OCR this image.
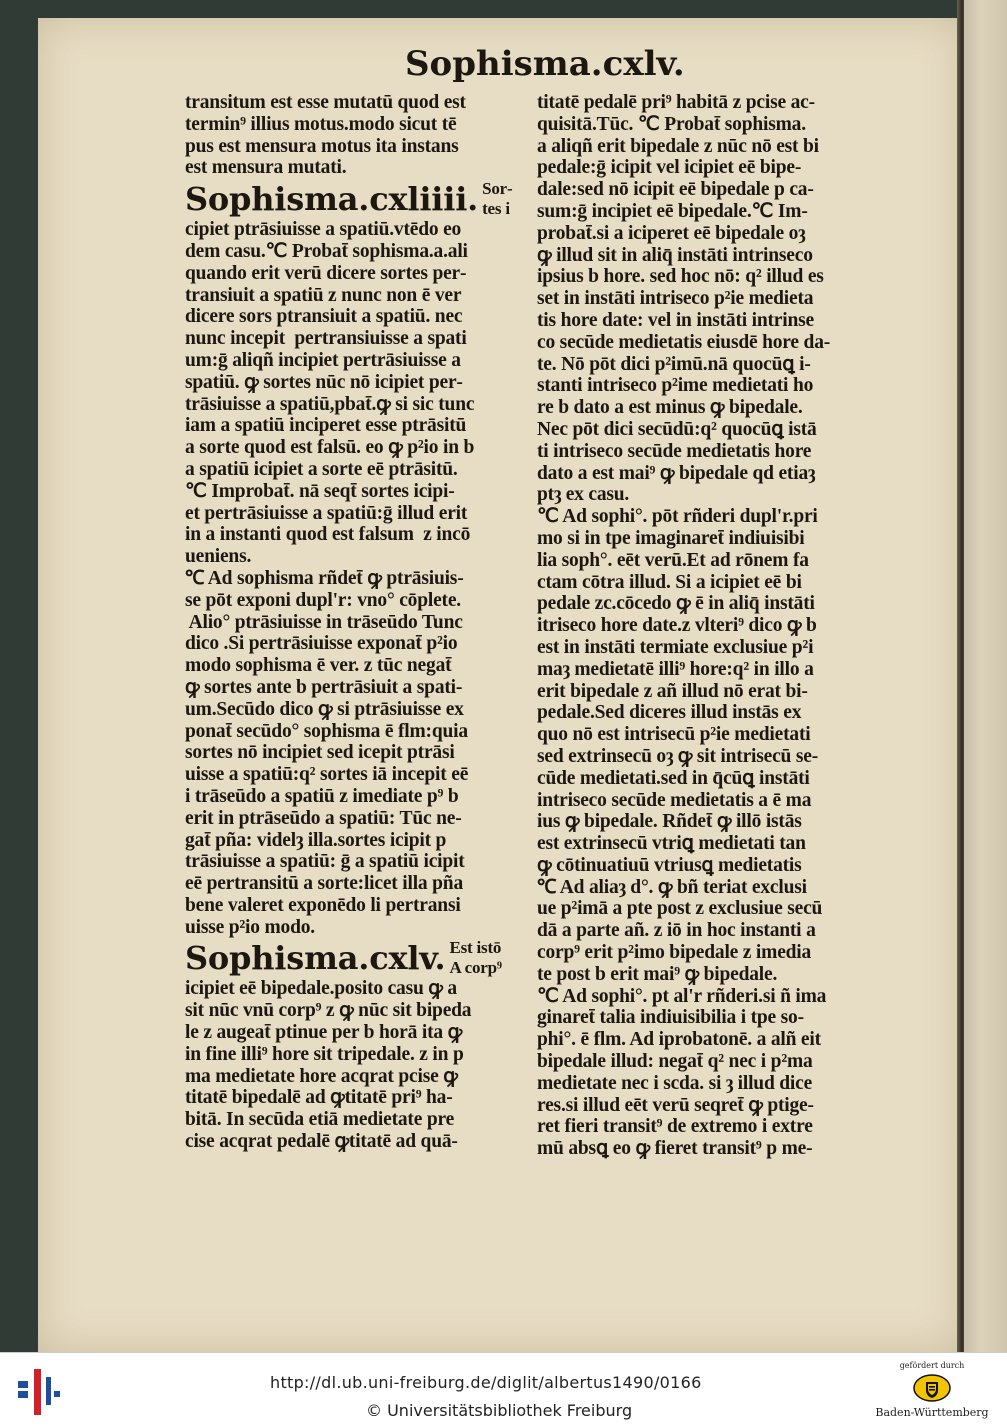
Sophisma.cxlv.
transitum est esse mutatū quod est
termin⁹ illius motus.modo sicut tē
pus est mensura motus ita instans
est mensura mutati.
Sophisma.cxliiii. Sor‑
tes i
cipiet ptrāsiuisse a spatiū.vtēdo eo
dem casu.℃ Probat̄ sophisma.a.ali
quando erit verū dicere sortes per‑
transiuit a spatiū z nunc non ē ver
dicere sors ptransiuit a spatiū. nec
nunc incepit  pertransiuisse a spati
um:ḡ aliqñ incipiet pertrāsiuisse a
spatiū. ꝙ sortes nūc nō icipiet per‑
trāsiuisse a spatiū,pbat̄.ꝙ si sic tunc
iam a spatiū inciperet esse ptrāsitū
a sorte quod est falsū. eo ꝙ p²io in b
a spatiū icipiet a sorte eē ptrāsitū.
℃ Improbat̄. nā seqt̄ sortes icipi‑
et pertrāsiuisse a spatiū:ḡ illud erit
in a instanti quod est falsum  z incō
ueniens.
℃ Ad sophisma rñdet̄ ꝙ ptrāsiuis‑
se pōt exponi dupl'r: vno° cōplete.
Alio° ptrāsiuisse in trāseūdo Tunc
dico .Si pertrāsiuisse exponat̄ p²io
modo sophisma ē ver. z tūc negat̄
ꝙ sortes ante b pertrāsiuit a spati‑
um.Secūdo dico ꝙ si ptrāsiuisse ex
ponat̄ secūdo° sophisma ē flm:quia
sortes nō incipiet sed icepit ptrāsi
uisse a spatiū:q² sortes iā incepit eē
i trāseūdo a spatiū z imediate p⁹ b
erit in ptrāseūdo a spatiū: Tūc ne‑
gat̄ pña: videlȝ illa.sortes icipit p
trāsiuisse a spatiū: ḡ a spatiū icipit
eē pertransitū a sorte:licet illa pña
bene valeret exponēdo li pertransi
uisse p²io modo.
Sophisma.cxlv. Est istō
A corp⁹
icipiet eē bipedale.posito casu ꝙ a
sit nūc vnū corp⁹ z ꝙ nūc sit bipeda
le z augeat̄ ptinue per b horā ita ꝙ
in fine illi⁹ hore sit tripedale. z in p
ma medietate hore acqrat pcise ꝙ
titatē bipedalē ad ꝙtitatē pri⁹ ha‑
bitā. In secūda etiā medietate pre
cise acqrat pedalē ꝙtitatē ad quā‑
titatē pedalē pri⁹ habitā z pcise ac‑
quisitā.Tūc. ℃ Probat̄ sophisma.
a aliqñ erit bipedale z nūc nō est bi
pedale:ḡ icipit vel icipiet eē bipe‑
dale:sed nō icipit eē bipedale p ca‑
sum:ḡ incipiet eē bipedale.℃ Im‑
probat̄.si a iciperet eē bipedale oȝ
ꝙ illud sit in aliq̄ instāti intrinseco
ipsius b hore. sed hoc nō: q² illud es
set in instāti intriseco p²ie medieta
tis hore date: vel in instāti intrinse
co secūde medietatis eiusdē hore da‑
te. Nō pōt dici p²imū.nā quocūꝗ i‑
stanti intriseco p²ime medietati ho
re b dato a est minus ꝙ bipedale.
Nec pōt dici secūdū:q² quocūꝗ istā
ti intriseco secūde medietatis hore
dato a est mai⁹ ꝙ bipedale qd etiaȝ
ptȝ ex casu.
℃ Ad sophi°. pōt rñderi dupl'r.pri
mo si in tpe imaginaret̄ indiuisibi
lia soph°. eēt verū.Et ad rōnem fa
ctam cōtra illud. Si a icipiet eē bi
pedale zc.cōcedo ꝙ ē in aliq̄ instāti
itriseco hore date.z vlteri⁹ dico ꝙ b
est in instāti termiate exclusiue p²i
maȝ medietatē illi⁹ hore:q² in illo a
erit bipedale z añ illud nō erat bi‑
pedale.Sed diceres illud instās ex
quo nō est intrisecū p²ie medietati
sed extrinsecū oȝ ꝙ sit intrisecū se‑
cūde medietati.sed in q̄cūꝗ instāti
intriseco secūde medietatis a ē ma
ius ꝙ bipedale. Rñdet̄ ꝙ illō istās
est extrinsecū vtriꝗ medietati tan
ꝙ cōtinuatiuū vtriusꝗ medietatis
℃ Ad aliaȝ d°. ꝙ bñ teriat exclusi
ue p²imā a pte post z exclusiue secū
dā a parte añ. z iō in hoc instanti a
corp⁹ erit p²imo bipedale z imedia
te post b erit mai⁹ ꝙ bipedale.
℃ Ad sophi°. pt al'r rñderi.si ñ ima
ginaret̄ talia indiuisibilia i tpe so‑
phi°. ē flm. Ad iprobatonē. a alñ eit
bipedale illud: negat̄ q² nec i p²ma
medietate nec i scda. si ȝ illud dice
res.si illud eēt verū seqret̄ ꝙ ptige‑
ret fieri transit⁹ de extremo i extre
mū absꝗ eo ꝙ fieret transit⁹ p me‑
http://dl.ub.uni-freiburg.de/diglit/albertus1490/0166
© Universitätsbibliothek Freiburg
gefördert durch
Baden-Württemberg
